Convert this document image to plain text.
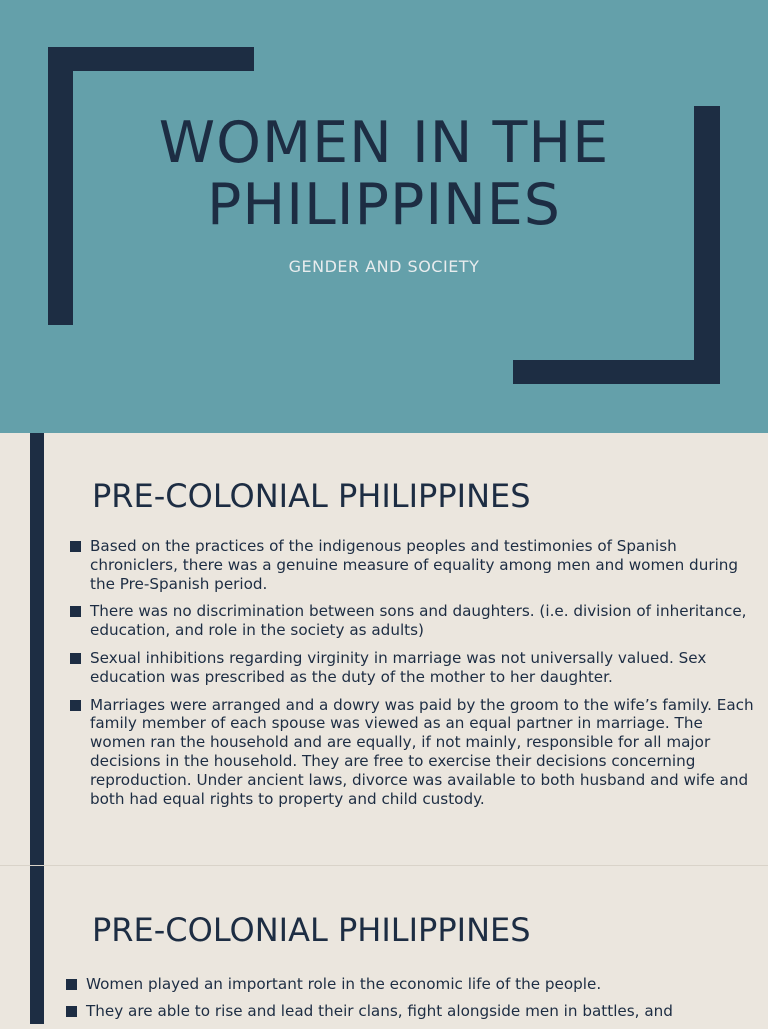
WOMEN IN THE
PHILIPPINES
GENDER AND SOCIETY
PRE-COLONIAL PHILIPPINES
Based on the practices of the indigenous peoples and testimonies of Spanish chroniclers, there was a genuine measure of equality among men and women during the Pre-Spanish period.
There was no discrimination between sons and daughters. (i.e. division of inheritance, education, and role in the society as adults)
Sexual inhibitions regarding virginity in marriage was not universally valued. Sex education was prescribed as the duty of the mother to her daughter.
Marriages were arranged and a dowry was paid by the groom to the wife’s family. Each family member of each spouse was viewed as an equal partner in marriage. The women ran the household and are equally, if not mainly, responsible for all major decisions in the household. They are free to exercise their decisions concerning reproduction. Under ancient laws, divorce was available to both husband and wife and both had equal rights to property and child custody.
PRE-COLONIAL PHILIPPINES
Women played an important role in the economic life of the people.
They are able to rise and lead their clans, fight alongside men in battles, and
